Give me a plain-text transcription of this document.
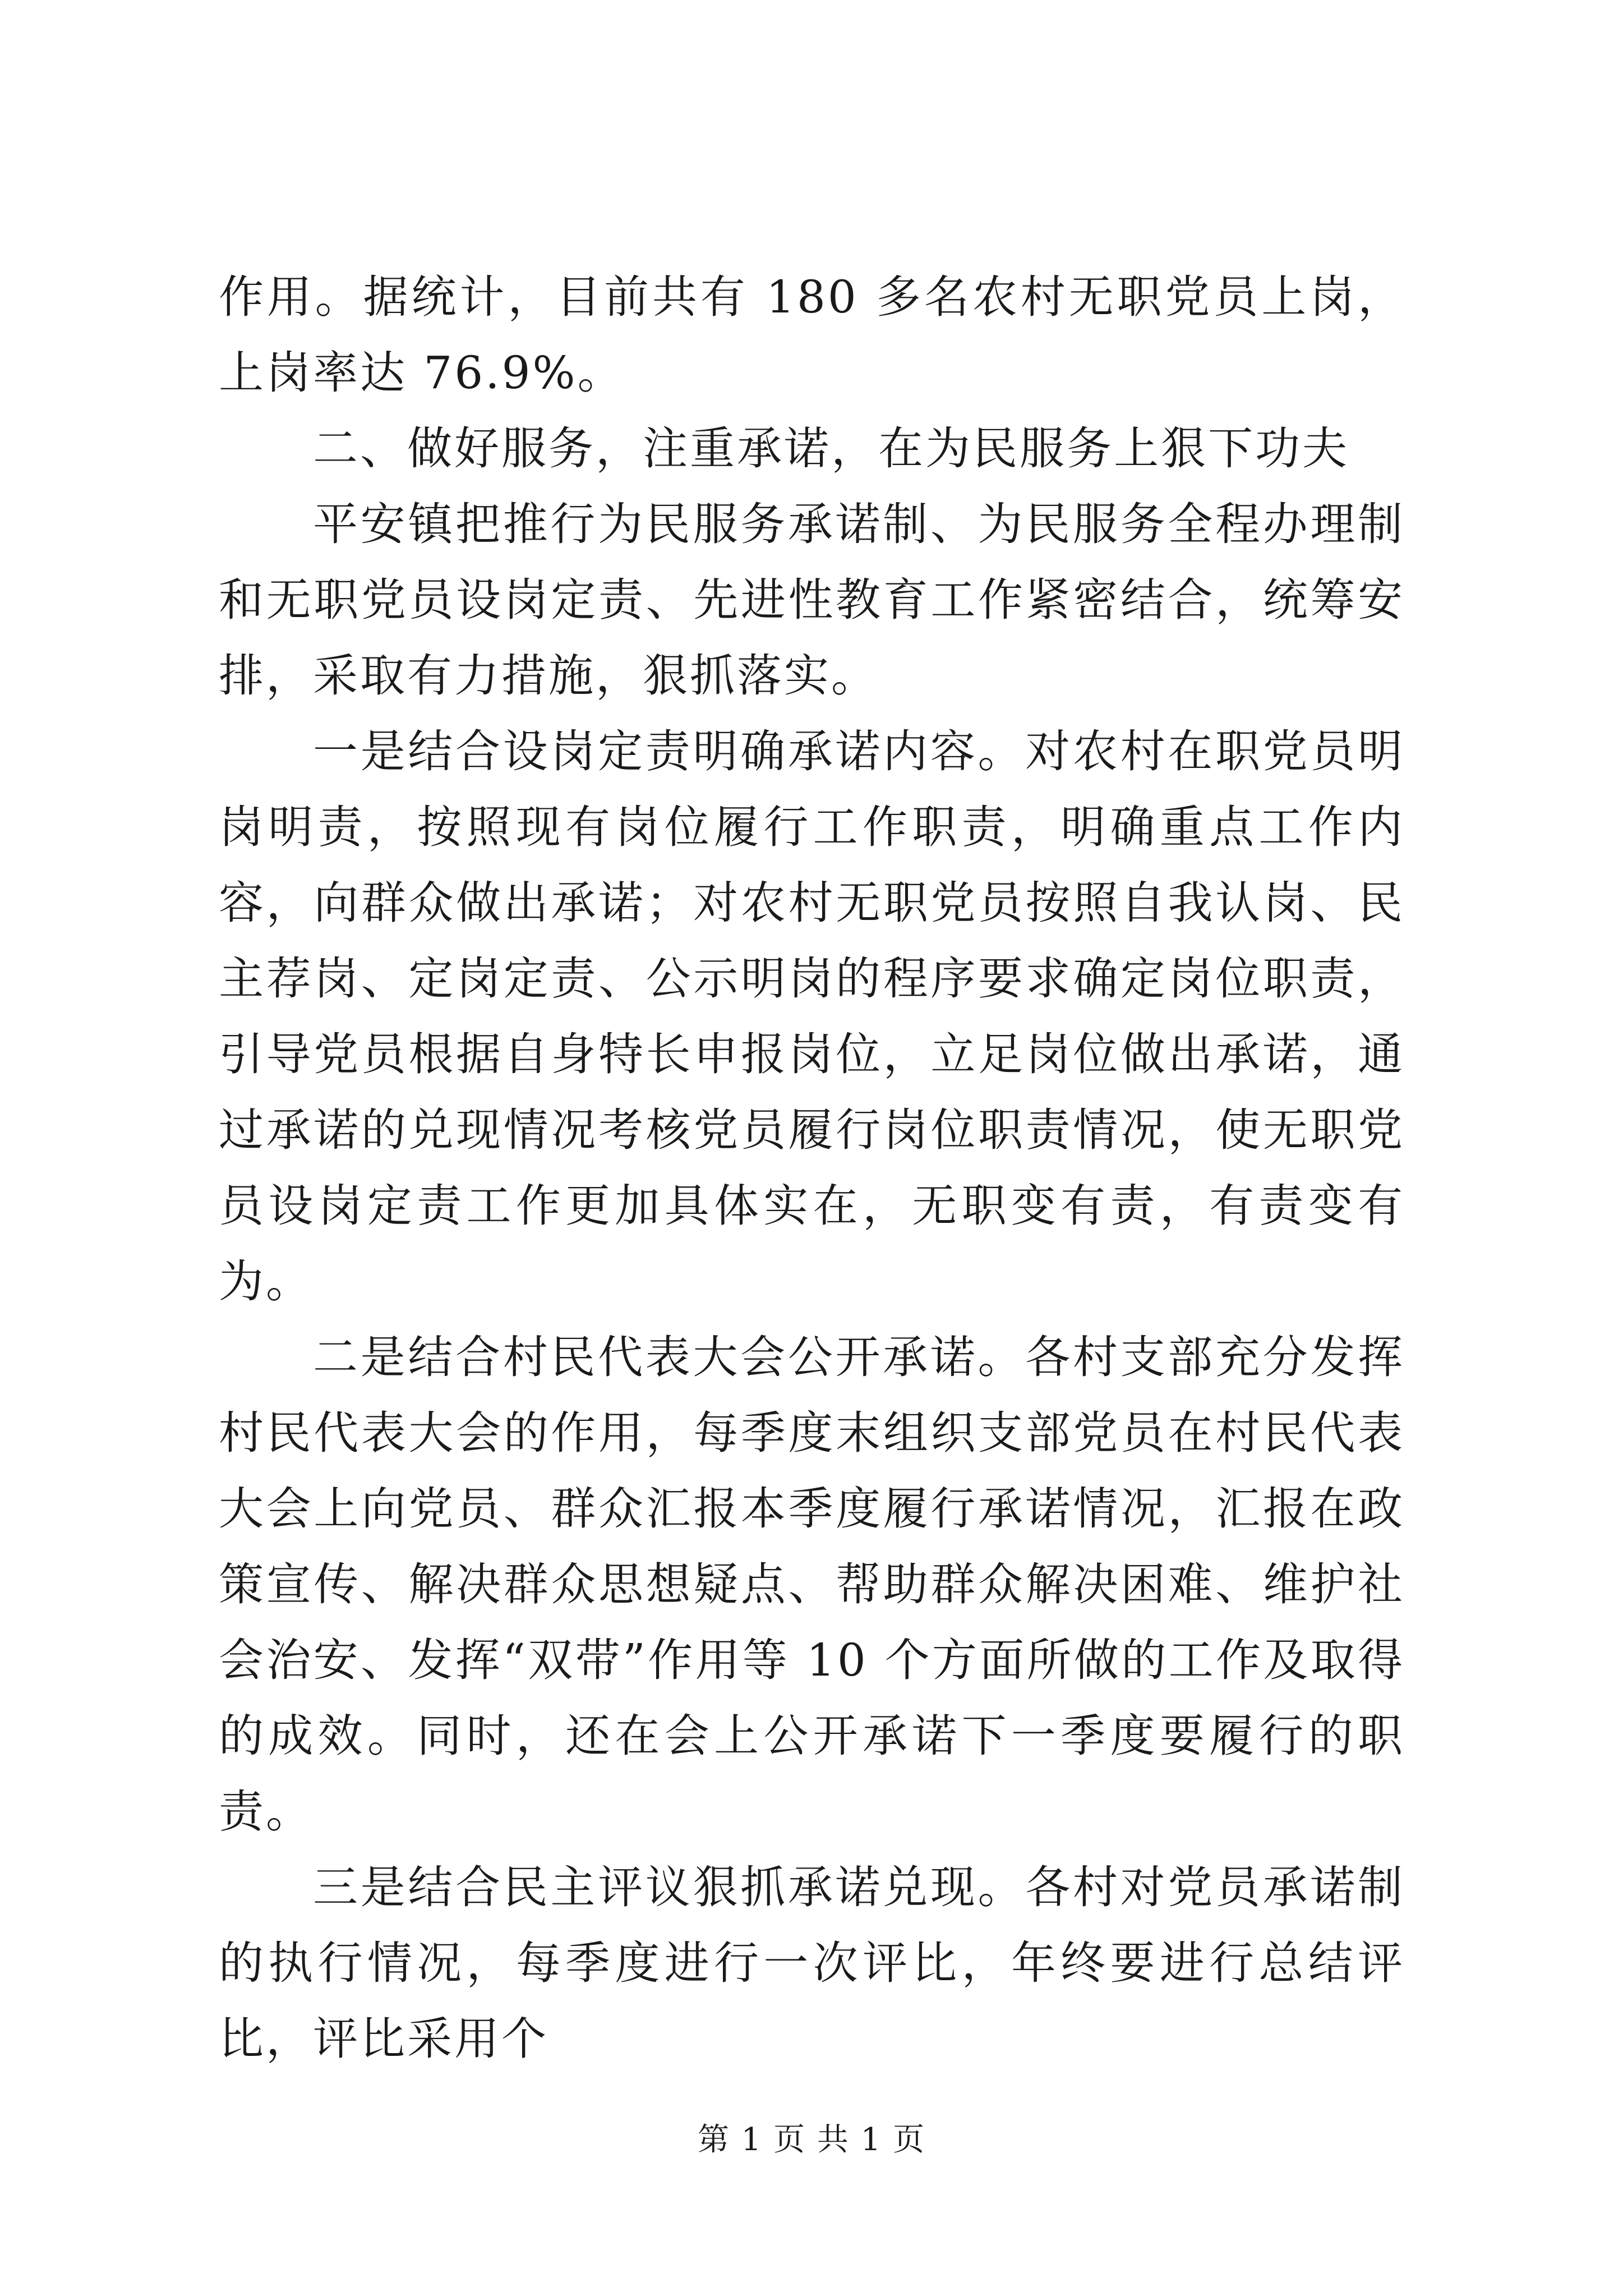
作用。据统计，目前共有 180 多名农村无职党员上岗，上岗率达 76.9%。

二、做好服务，注重承诺，在为民服务上狠下功夫

平安镇把推行为民服务承诺制、为民服务全程办理制和无职党员设岗定责、先进性教育工作紧密结合，统筹安排，采取有力措施，狠抓落实。

一是结合设岗定责明确承诺内容。对农村在职党员明岗明责，按照现有岗位履行工作职责，明确重点工作内容，向群众做出承诺；对农村无职党员按照自我认岗、民主荐岗、定岗定责、公示明岗的程序要求确定岗位职责，引导党员根据自身特长申报岗位，立足岗位做出承诺，通过承诺的兑现情况考核党员履行岗位职责情况，使无职党员设岗定责工作更加具体实在，无职变有责，有责变有为。

二是结合村民代表大会公开承诺。各村支部充分发挥村民代表大会的作用，每季度末组织支部党员在村民代表大会上向党员、群众汇报本季度履行承诺情况，汇报在政策宣传、解决群众思想疑点、帮助群众解决困难、维护社会治安、发挥“双带”作用等 10 个方面所做的工作及取得的成效。同时，还在会上公开承诺下一季度要履行的职责。

三是结合民主评议狠抓承诺兑现。各村对党员承诺制的执行情况，每季度进行一次评比，年终要进行总结评比，评比采用个

第 1 页 共 1 页
